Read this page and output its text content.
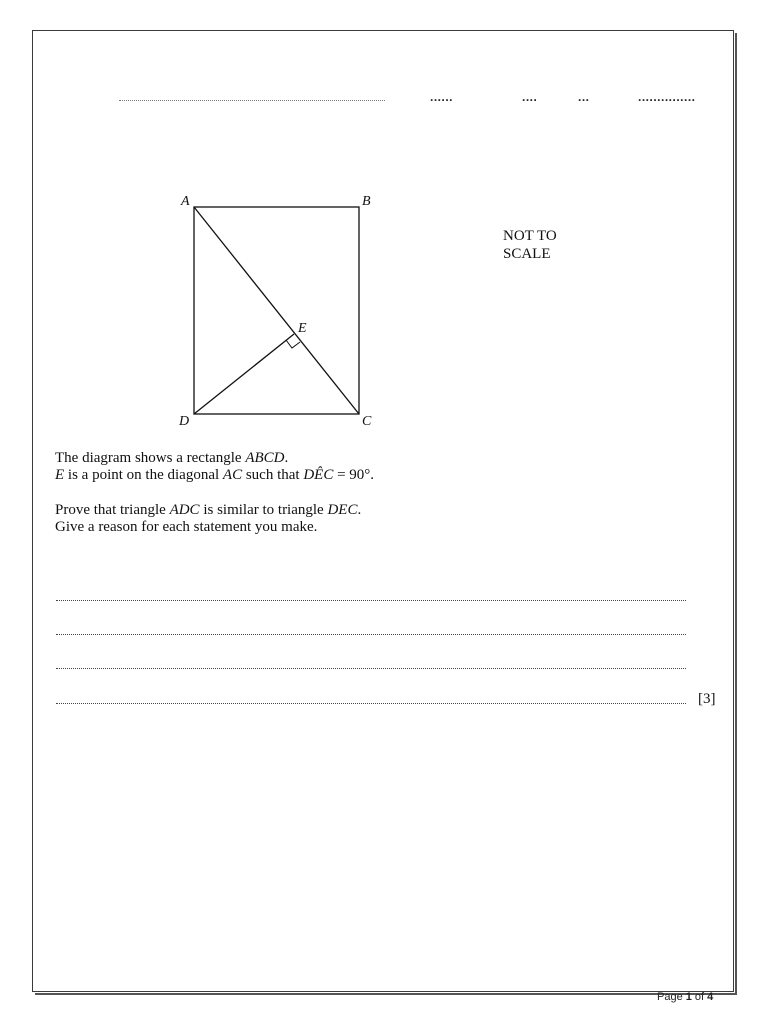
......	....	...	...............
A	B
C
D
E
NOT TO
SCALE

The diagram shows a rectangle ABCD.

E is a point on the diagonal AC such that DÊC = 90°.

Prove that triangle ADC is similar to triangle DEC.

Give a reason for each statement you make.

[3]
Page 1 of 4
